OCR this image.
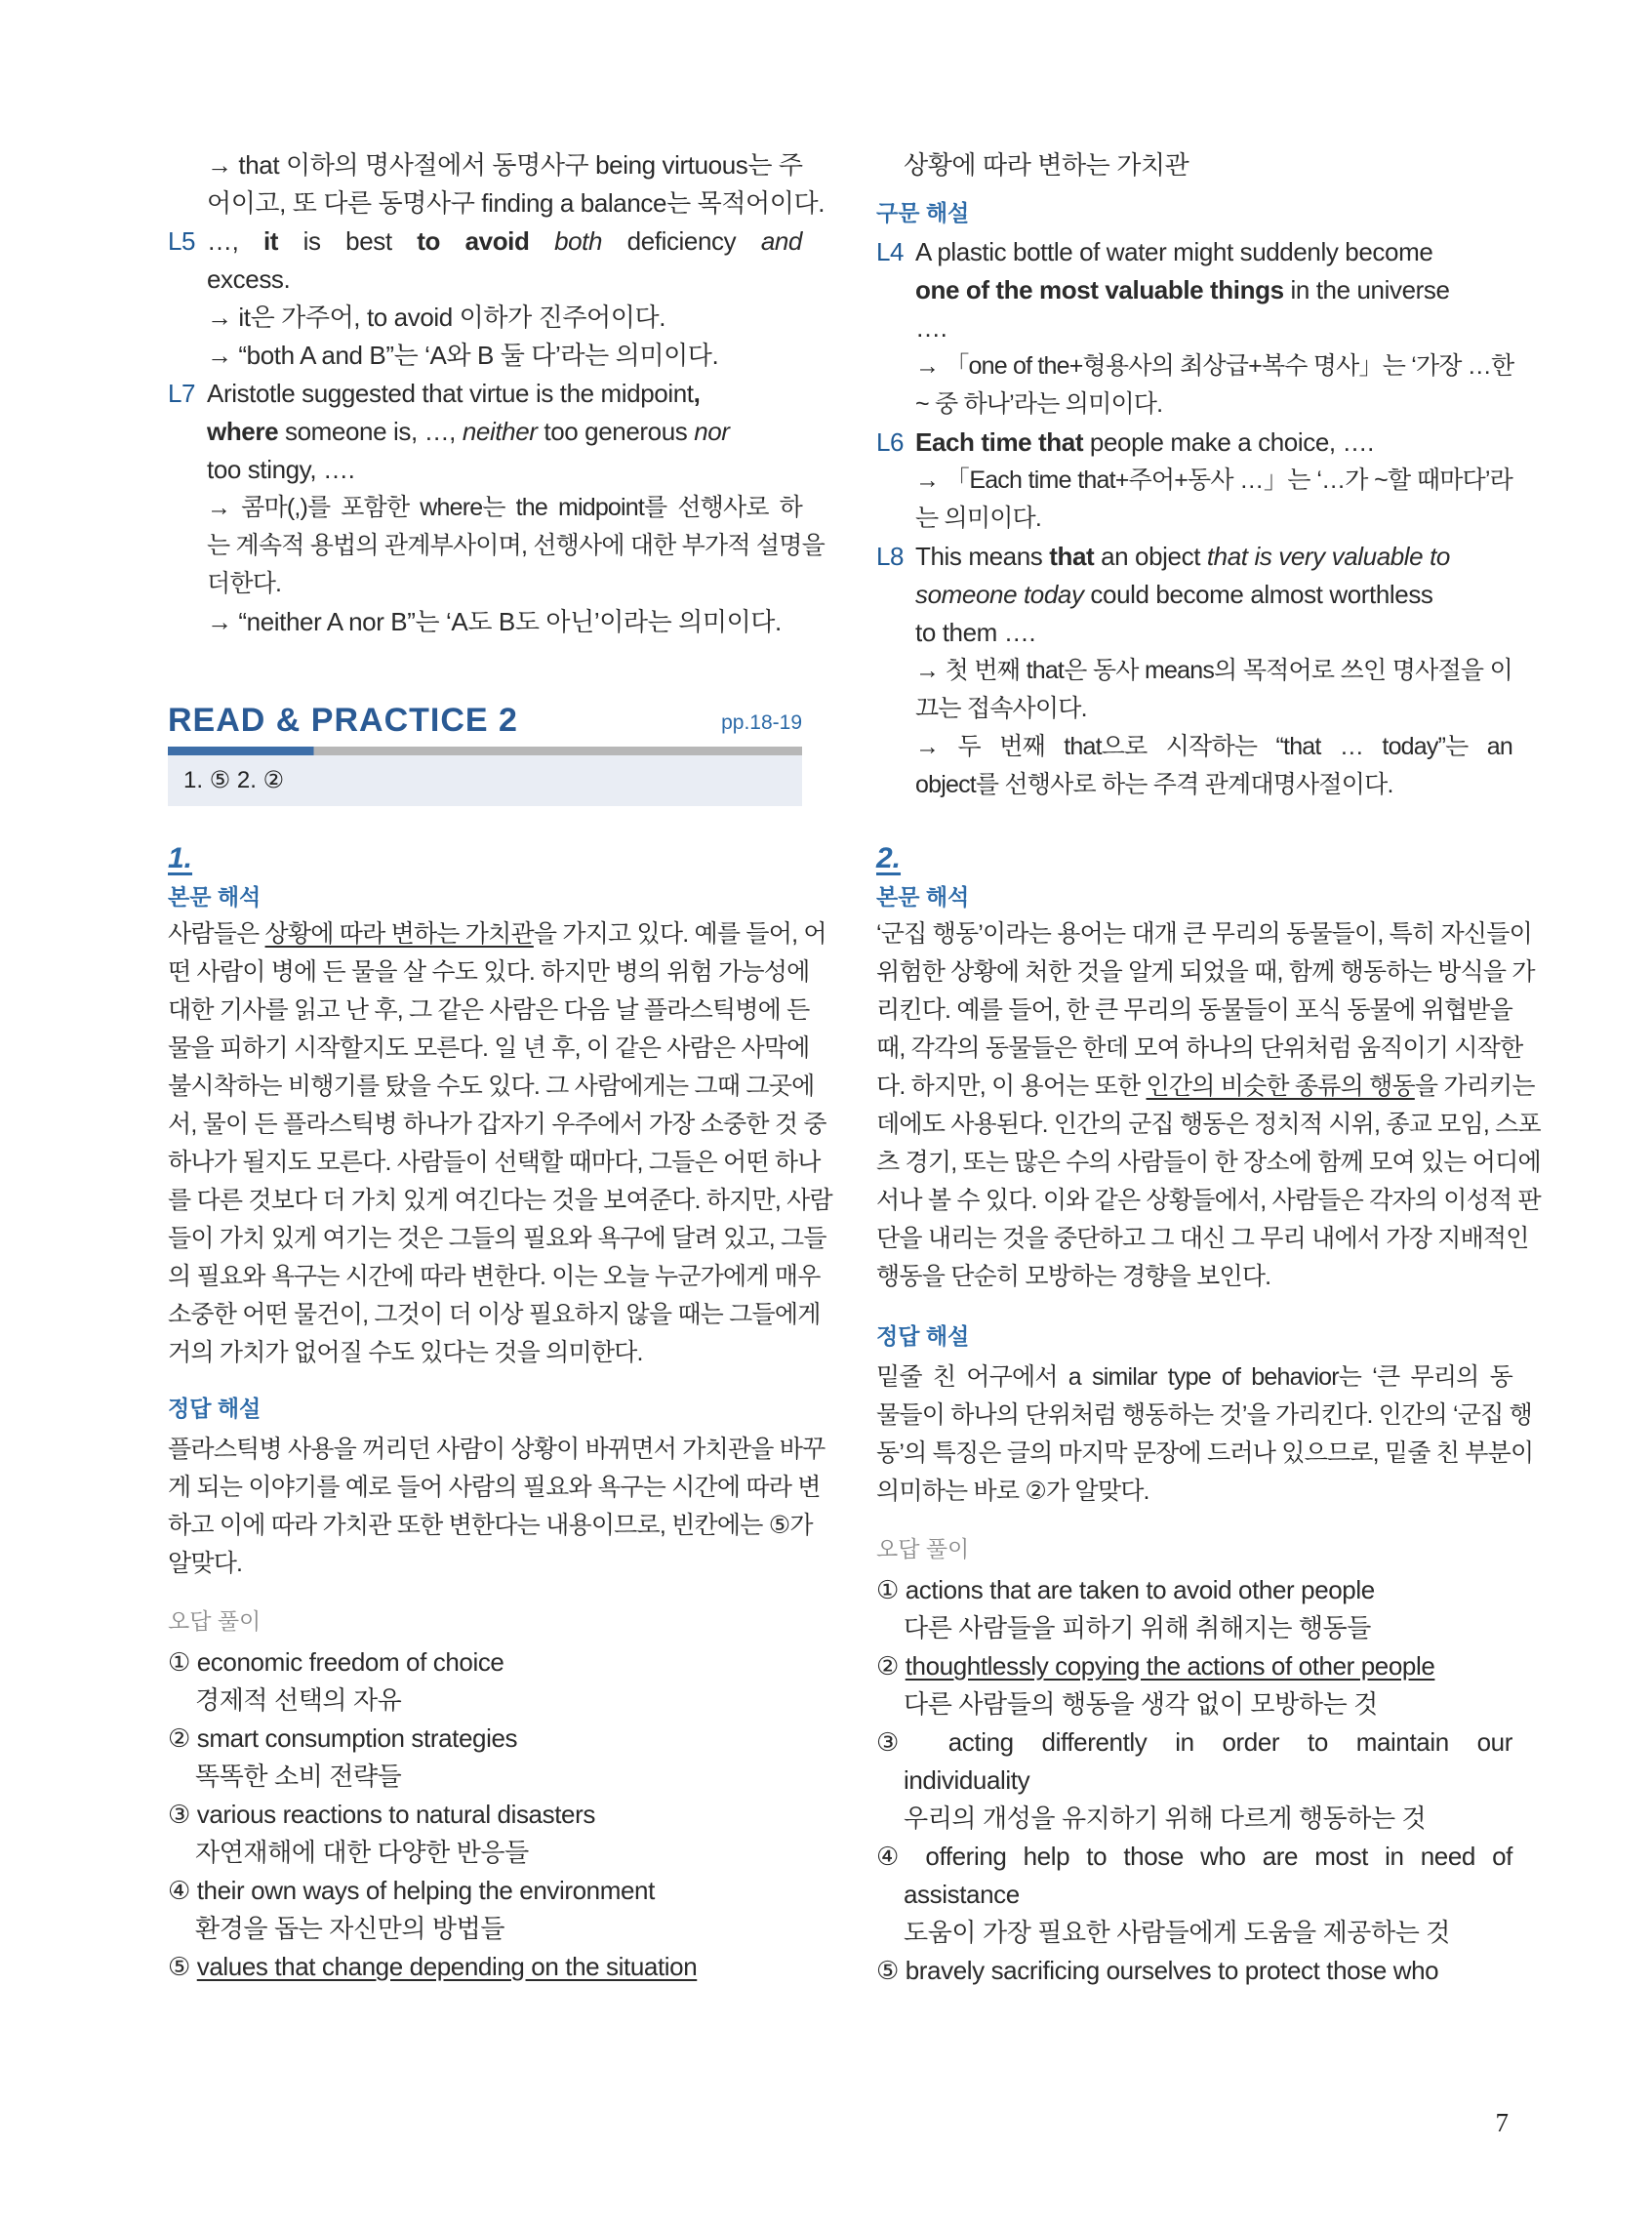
→ that 이하의 명사절에서 동명사구 being virtuous는 주
어이고, 또 다른 동명사구 finding a balance는 목적어이다.
L5 …, it is best to avoid both deficiency and
excess.
→ it은 가주어, to avoid 이하가 진주어이다.
→ “both A and B”는 ‘A와 B 둘 다’라는 의미이다.
L7 Aristotle suggested that virtue is the midpoint,
where someone is, …, neither too generous nor
too stingy, ….
→ 콤마(,)를 포함한 where는 the midpoint를 선행사로 하
는 계속적 용법의 관계부사이며, 선행사에 대한 부가적 설명을
더한다.
→ “neither A nor B”는 ‘A도 B도 아닌’이라는 의미이다.
READ & PRACTICE 2	pp.18-19
1. ⑤ 2. ②
1.
본문 해석
사람들은 상황에 따라 변하는 가치관을 가지고 있다. 예를 들어, 어
떤 사람이 병에 든 물을 살 수도 있다. 하지만 병의 위험 가능성에
대한 기사를 읽고 난 후, 그 같은 사람은 다음 날 플라스틱병에 든
물을 피하기 시작할지도 모른다. 일 년 후, 이 같은 사람은 사막에
불시착하는 비행기를 탔을 수도 있다. 그 사람에게는 그때 그곳에
서, 물이 든 플라스틱병 하나가 갑자기 우주에서 가장 소중한 것 중
하나가 될지도 모른다. 사람들이 선택할 때마다, 그들은 어떤 하나
를 다른 것보다 더 가치 있게 여긴다는 것을 보여준다. 하지만, 사람
들이 가치 있게 여기는 것은 그들의 필요와 욕구에 달려 있고, 그들
의 필요와 욕구는 시간에 따라 변한다. 이는 오늘 누군가에게 매우
소중한 어떤 물건이, 그것이 더 이상 필요하지 않을 때는 그들에게
거의 가치가 없어질 수도 있다는 것을 의미한다.
정답 해설
플라스틱병 사용을 꺼리던 사람이 상황이 바뀌면서 가치관을 바꾸
게 되는 이야기를 예로 들어 사람의 필요와 욕구는 시간에 따라 변
하고 이에 따라 가치관 또한 변한다는 내용이므로, 빈칸에는 ⑤가
알맞다.
오답 풀이
① economic freedom of choice
경제적 선택의 자유
② smart consumption strategies
똑똑한 소비 전략들
③ various reactions to natural disasters
자연재해에 대한 다양한 반응들
④ their own ways of helping the environment
환경을 돕는 자신만의 방법들
⑤ values that change depending on the situation
상황에 따라 변하는 가치관
구문 해설
L4 A plastic bottle of water might suddenly become
one of the most valuable things in the universe
….
→ 「one of the+형용사의 최상급+복수 명사」는 ‘가장 …한
~ 중 하나’라는 의미이다.
L6 Each time that people make a choice, ….
→ 「Each time that+주어+동사 …」는 ‘…가 ~할 때마다’라
는 의미이다.
L8 This means that an object that is very valuable to
someone today could become almost worthless
to them ….
→ 첫 번째 that은 동사 means의 목적어로 쓰인 명사절을 이
끄는 접속사이다.
→ 두 번째 that으로 시작하는 “that … today”는 an
object를 선행사로 하는 주격 관계대명사절이다.
2.
본문 해석
‘군집 행동’이라는 용어는 대개 큰 무리의 동물들이, 특히 자신들이
위험한 상황에 처한 것을 알게 되었을 때, 함께 행동하는 방식을 가
리킨다. 예를 들어, 한 큰 무리의 동물들이 포식 동물에 위협받을
때, 각각의 동물들은 한데 모여 하나의 단위처럼 움직이기 시작한
다. 하지만, 이 용어는 또한 인간의 비슷한 종류의 행동을 가리키는
데에도 사용된다. 인간의 군집 행동은 정치적 시위, 종교 모임, 스포
츠 경기, 또는 많은 수의 사람들이 한 장소에 함께 모여 있는 어디에
서나 볼 수 있다. 이와 같은 상황들에서, 사람들은 각자의 이성적 판
단을 내리는 것을 중단하고 그 대신 그 무리 내에서 가장 지배적인
행동을 단순히 모방하는 경향을 보인다.
정답 해설
밑줄 친 어구에서 a similar type of behavior는 ‘큰 무리의 동
물들이 하나의 단위처럼 행동하는 것’을 가리킨다. 인간의 ‘군집 행
동’의 특징은 글의 마지막 문장에 드러나 있으므로, 밑줄 친 부분이
의미하는 바로 ②가 알맞다.
오답 풀이
① actions that are taken to avoid other people
다른 사람들을 피하기 위해 취해지는 행동들
② thoughtlessly copying the actions of other people
다른 사람들의 행동을 생각 없이 모방하는 것
③ acting differently in order to maintain our
individuality
우리의 개성을 유지하기 위해 다르게 행동하는 것
④ offering help to those who are most in need of
assistance
도움이 가장 필요한 사람들에게 도움을 제공하는 것
⑤ bravely sacrificing ourselves to protect those who
7
